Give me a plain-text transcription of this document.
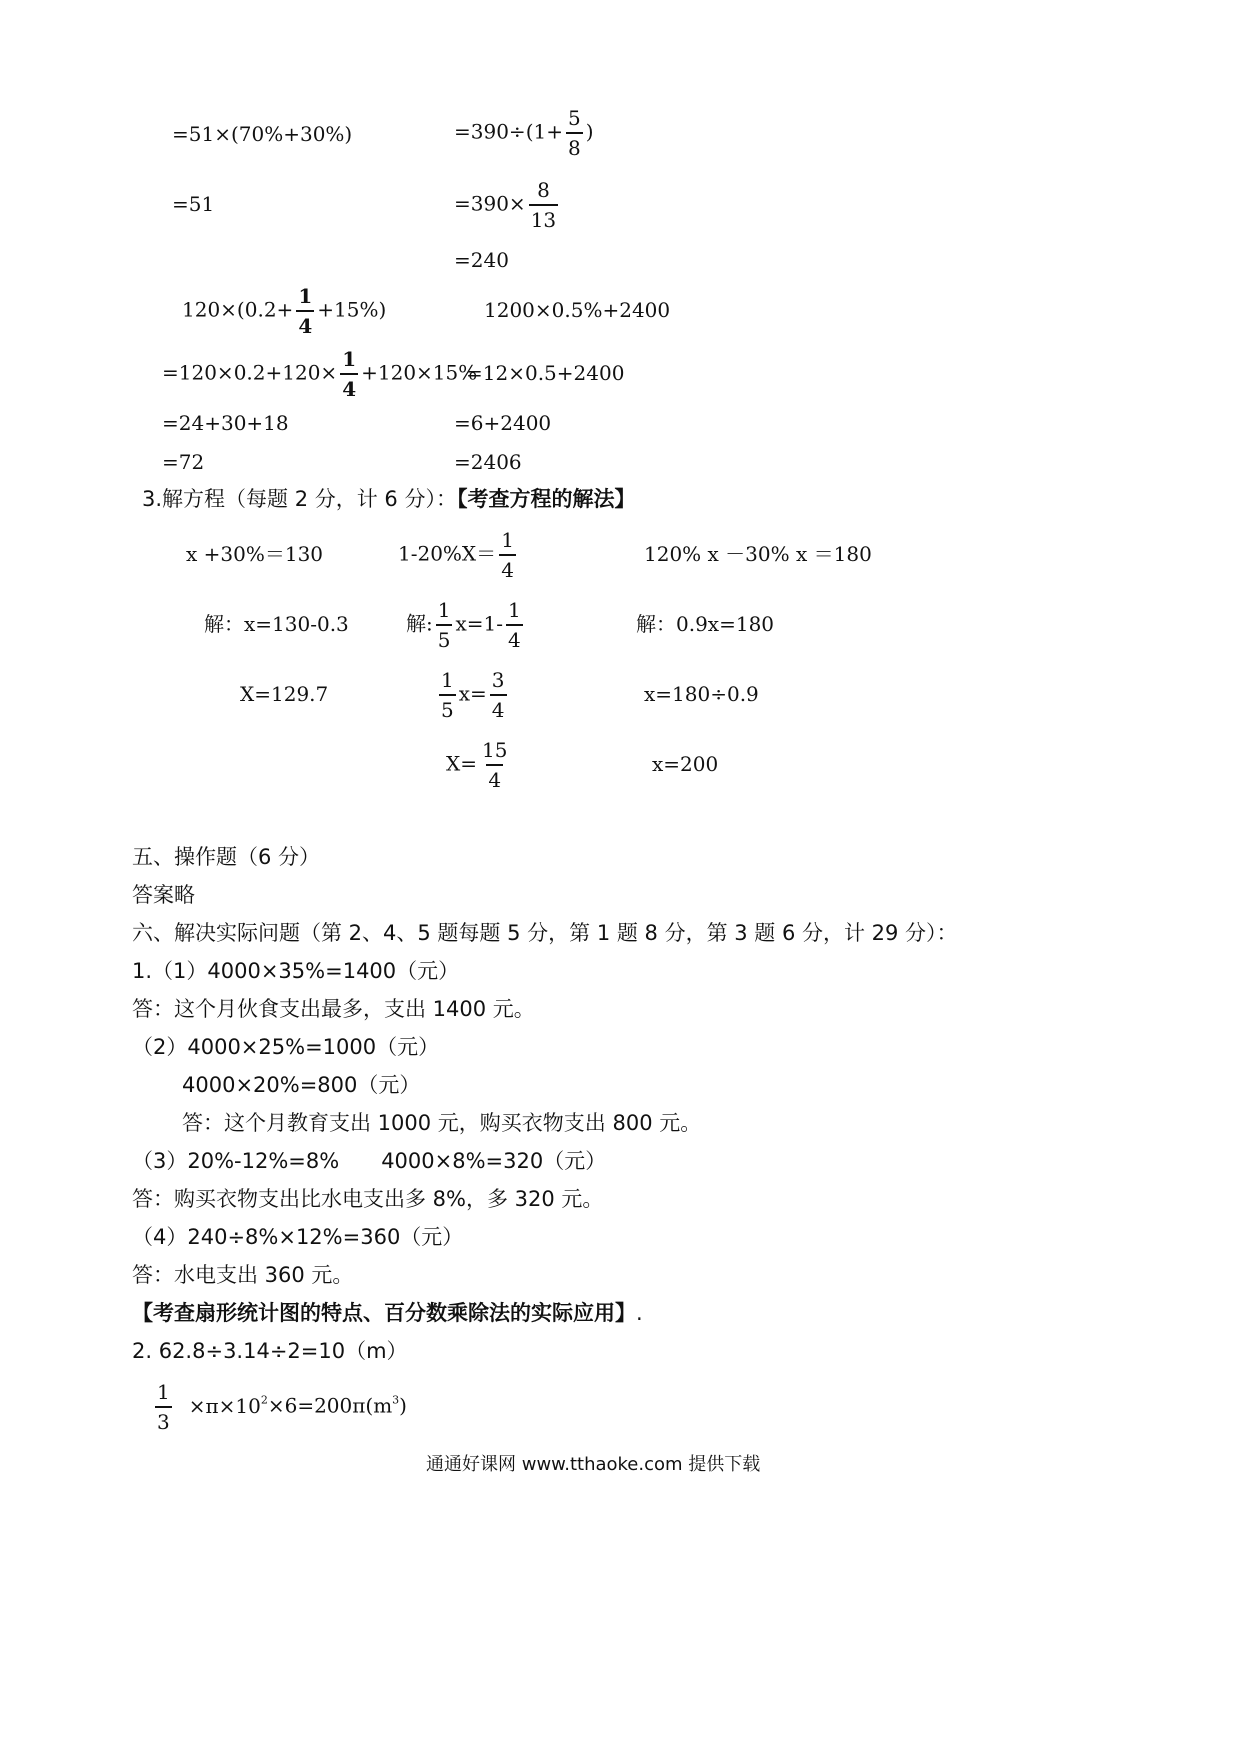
=51×(70%+30%)
=51
$=390\div(1+ \frac{5}{8}$ )
$=390\times \frac{8}{13}$
=240
$120\times(0.2+ \frac{1}{4} +15\%)$
$=120\times 0.2+120\times \frac{1}{4} +120\times 15\%$
=24+30+18
=72
1200×0.5%+2400
=12×0.5+2400
=6+2400
=2406
3.解方程（每题 2 分，计 6 分）：【考查方程的解法】
x +30%＝130
解：x=130-0.3
X=129.7
$1-20\%X= \frac{1}{4}$
解: $\frac{1}{5} x=1- \frac{1}{4}$
$\frac{1}{5} x= \frac{3}{4}$
$X= \frac{15}{4}$
120% x －30% x ＝180
解：0.9x=180
x=180÷0.9
x=200
五、操作题（6 分）
答案略
六、解决实际问题（第 2、4、5 题每题 5 分，第 1 题 8 分，第 3 题 6 分，计 29 分）：
1.（1）4000×35%=1400（元）
答：这个月伙食支出最多，支出 1400 元。
（2）4000×25%=1000（元）
4000×20%=800（元）
答：这个月教育支出 1000 元，购买衣物支出 800 元。
（3）20%-12%=8%　　4000×8%=320（元）
答：购买衣物支出比水电支出多 8%，多 320 元。
（4）240÷8%×12%=360（元）
答：水电支出 360 元。
【考查扇形统计图的特点、百分数乘除法的实际应用】.
2. 62.8÷3.14÷2=10（m）
$\frac{1}{3} \times\pi\times 10^2\times 6=200\pi(m^3)$
通通好课网 www.tthaoke.com 提供下载
